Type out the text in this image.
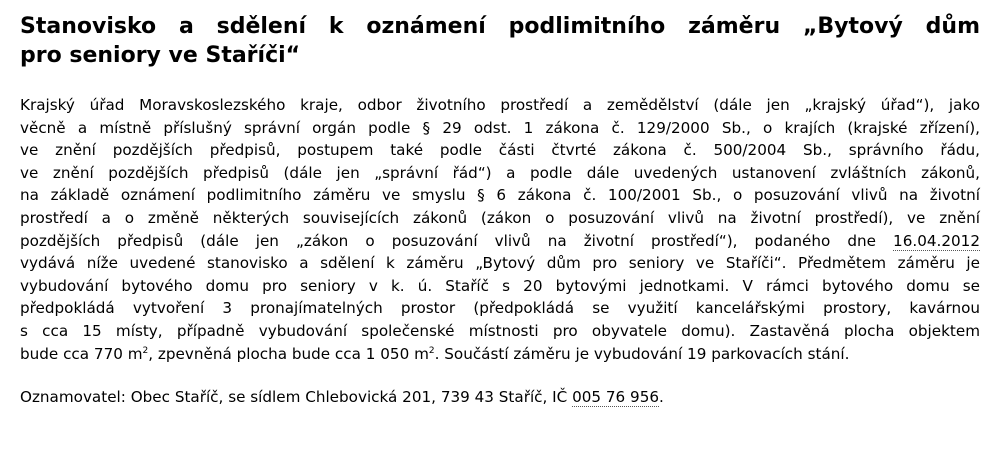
Stanovisko a sdělení k oznámení podlimitního záměru „Bytový dům
pro seniory ve Staříči“
Krajský úřad Moravskoslezského kraje, odbor životního prostředí a zemědělství (dále jen „krajský úřad“), jako
věcně a místně příslušný správní orgán podle § 29 odst. 1 zákona č. 129/2000 Sb., o krajích (krajské zřízení),
ve znění pozdějších předpisů, postupem také podle části čtvrté zákona č. 500/2004 Sb., správního řádu,
ve znění pozdějších předpisů (dále jen „správní řád“) a podle dále uvedených ustanovení zvláštních zákonů,
na základě oznámení podlimitního záměru ve smyslu § 6 zákona č. 100/2001 Sb., o posuzování vlivů na životní
prostředí a o změně některých souvisejících zákonů (zákon o posuzování vlivů na životní prostředí), ve znění
pozdějších předpisů (dále jen „zákon o posuzování vlivů na životní prostředí“), podaného dne 16.04.2012
vydává níže uvedené stanovisko a sdělení k záměru „Bytový dům pro seniory ve Staříči“. Předmětem záměru je
vybudování bytového domu pro seniory v k. ú. Staříč s 20 bytovými jednotkami. V rámci bytového domu se
předpokládá vytvoření 3 pronajímatelných prostor (předpokládá se využití kancelářskými prostory, kavárnou
s cca 15 místy, případně vybudování společenské místnosti pro obyvatele domu). Zastavěná plocha objektem
bude cca 770 $m^2$, zpevněná plocha bude cca 1 050 $m^2$. Součástí záměru je vybudování 19 parkovacích stání.
Oznamovatel: Obec Staříč, se sídlem Chlebovická 201, 739 43 Staříč, IČ 005 76 956.
